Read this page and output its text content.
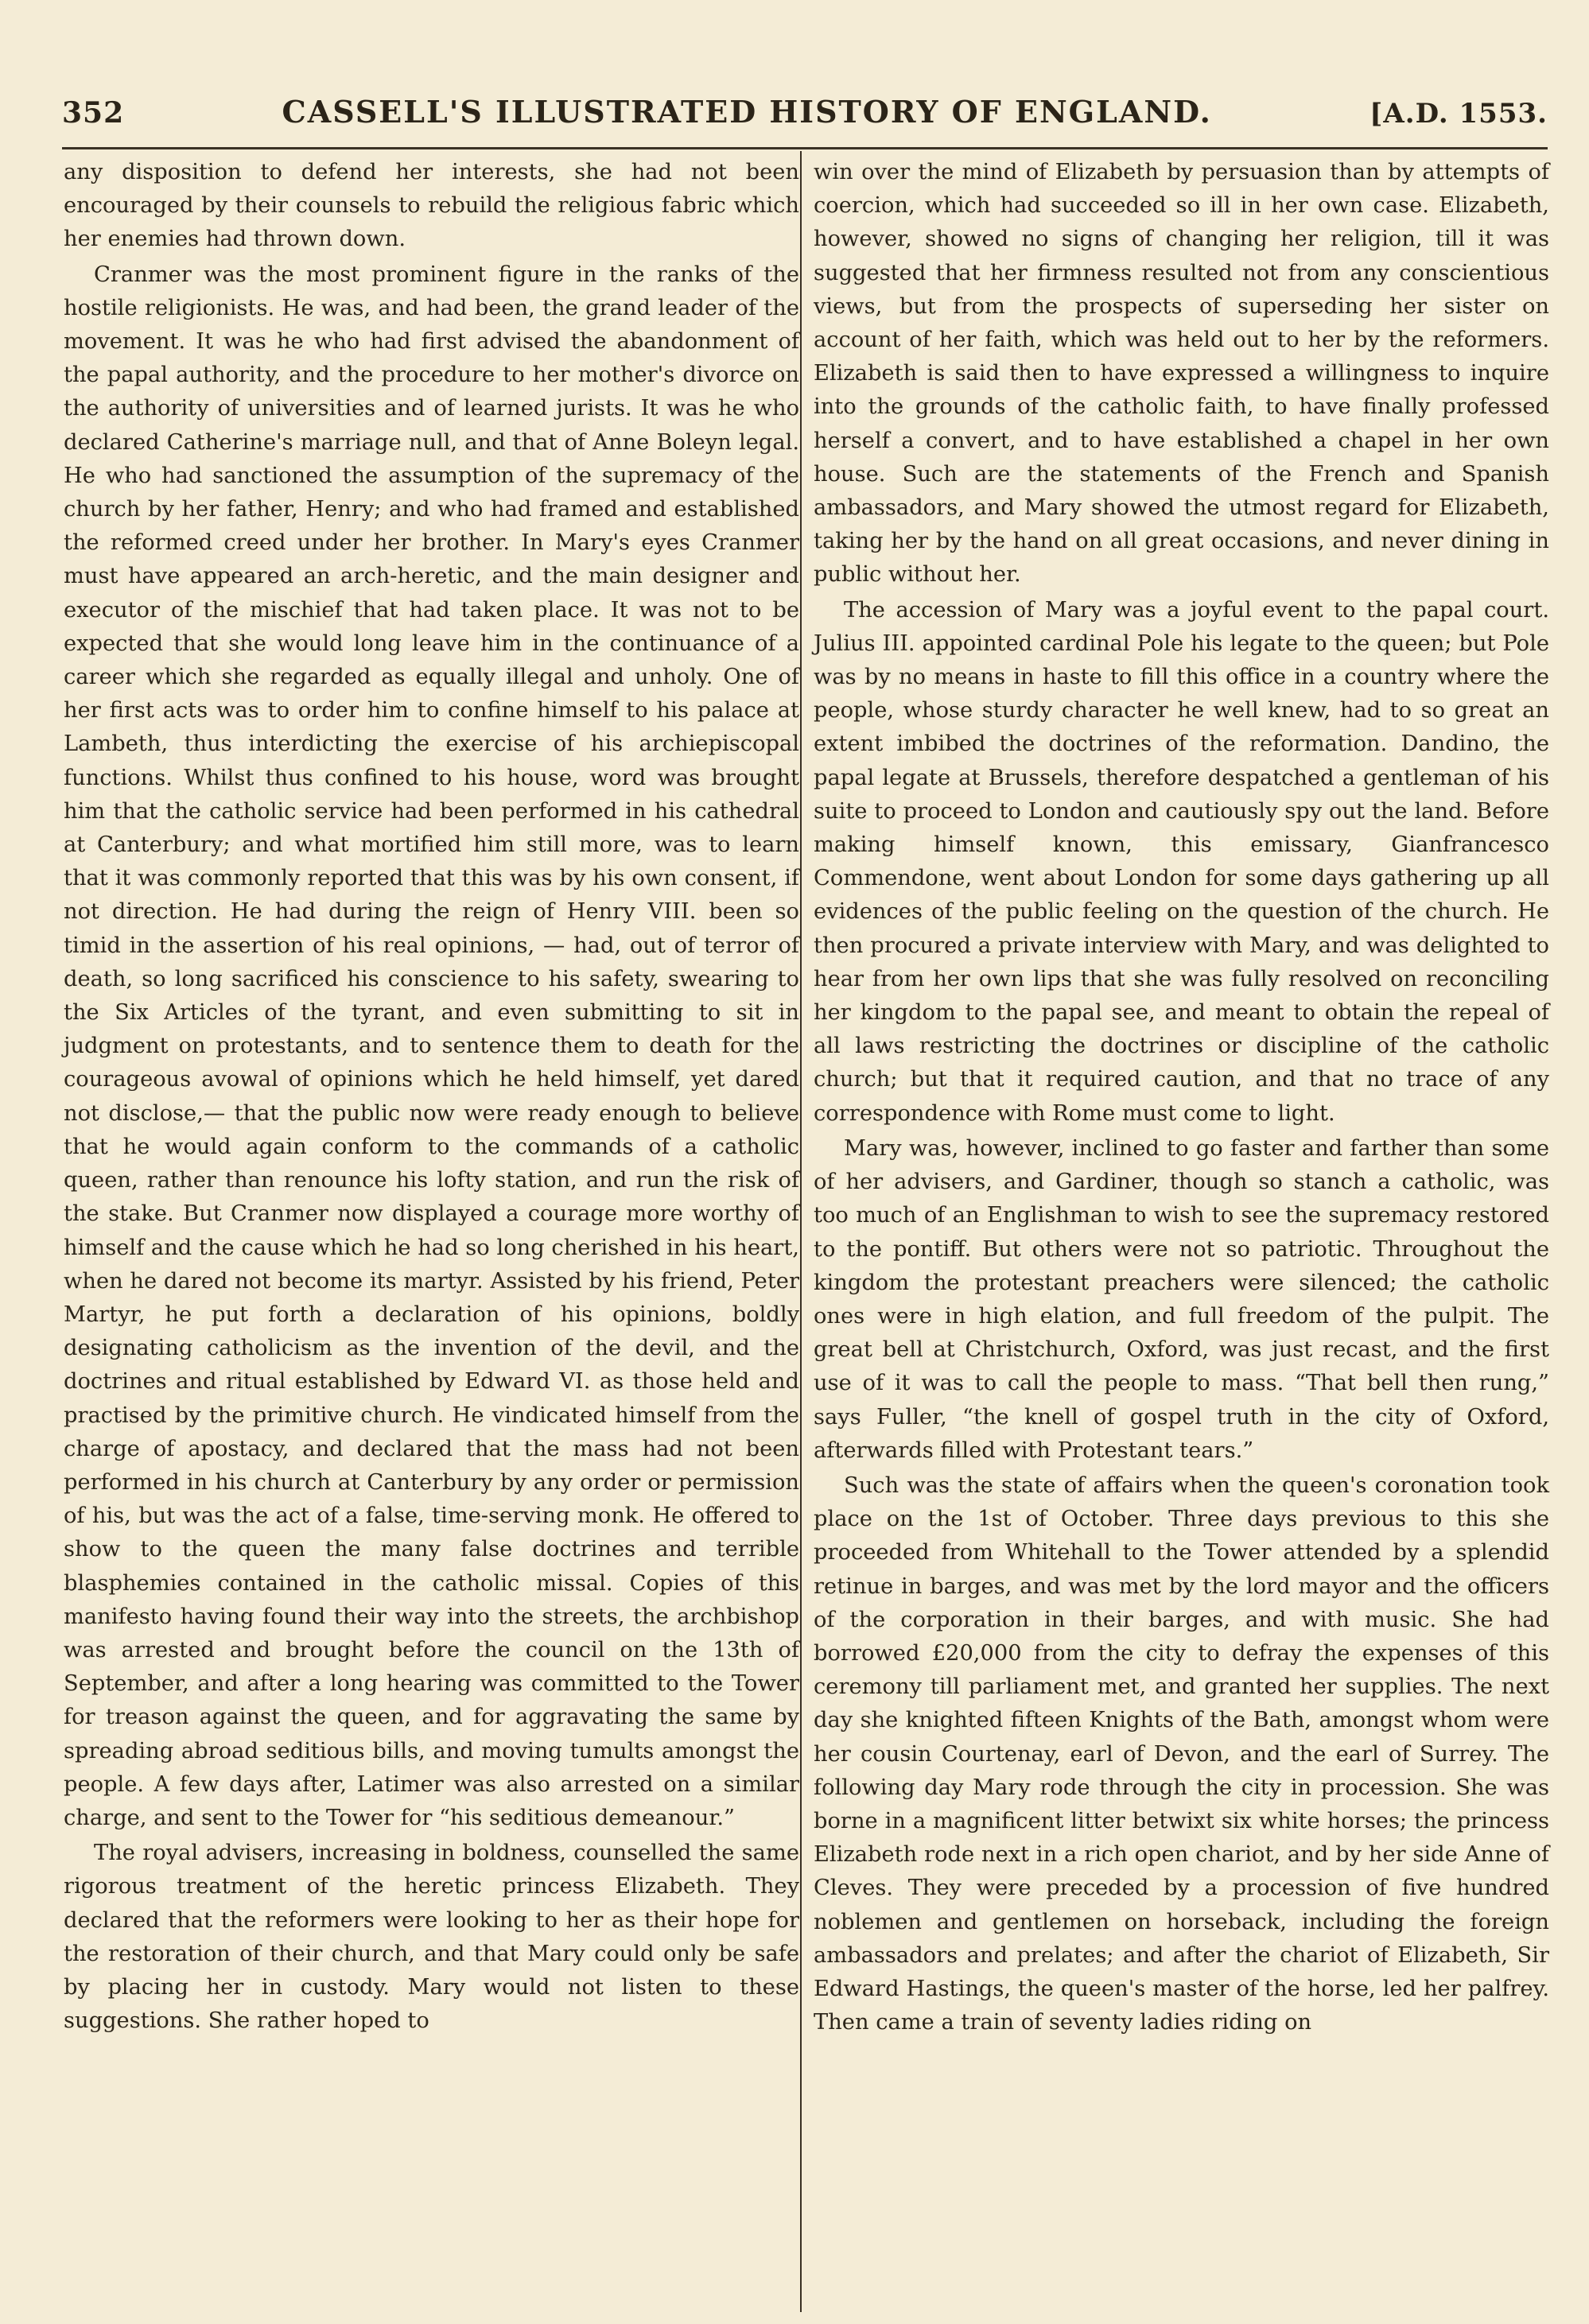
352	CASSELL'S ILLUSTRATED HISTORY OF ENGLAND.	[A.D. 1553.

any disposition to defend her interests, she had not been encouraged by their counsels to rebuild the religious fabric which her enemies had thrown down.

Cranmer was the most prominent figure in the ranks of the hostile religionists. He was, and had been, the grand leader of the movement. It was he who had first advised the abandonment of the papal authority, and the procedure to her mother's divorce on the authority of universities and of learned jurists. It was he who declared Catherine's marriage null, and that of Anne Boleyn legal. He who had sanctioned the assumption of the supremacy of the church by her father, Henry; and who had framed and established the reformed creed under her brother. In Mary's eyes Cranmer must have appeared an arch-heretic, and the main designer and executor of the mischief that had taken place. It was not to be expected that she would long leave him in the continuance of a career which she regarded as equally illegal and unholy. One of her first acts was to order him to confine himself to his palace at Lambeth, thus interdicting the exercise of his archiepiscopal functions. Whilst thus confined to his house, word was brought him that the catholic service had been performed in his cathedral at Canterbury; and what mortified him still more, was to learn that it was commonly reported that this was by his own consent, if not direction. He had during the reign of Henry VIII. been so timid in the assertion of his real opinions, — had, out of terror of death, so long sacrificed his conscience to his safety, swearing to the Six Articles of the tyrant, and even submitting to sit in judgment on protestants, and to sentence them to death for the courageous avowal of opinions which he held himself, yet dared not disclose,— that the public now were ready enough to believe that he would again conform to the commands of a catholic queen, rather than renounce his lofty station, and run the risk of the stake. But Cranmer now displayed a courage more worthy of himself and the cause which he had so long cherished in his heart, when he dared not become its martyr. Assisted by his friend, Peter Martyr, he put forth a declaration of his opinions, boldly designating catholicism as the invention of the devil, and the doctrines and ritual established by Edward VI. as those held and practised by the primitive church. He vindicated himself from the charge of apostacy, and declared that the mass had not been performed in his church at Canterbury by any order or permission of his, but was the act of a false, time-serving monk. He offered to show to the queen the many false doctrines and terrible blasphemies contained in the catholic missal. Copies of this manifesto having found their way into the streets, the archbishop was arrested and brought before the council on the 13th of September, and after a long hearing was committed to the Tower for treason against the queen, and for aggravating the same by spreading abroad seditious bills, and moving tumults amongst the people. A few days after, Latimer was also arrested on a similar charge, and sent to the Tower for “his seditious demeanour.”

The royal advisers, increasing in boldness, counselled the same rigorous treatment of the heretic princess Elizabeth. They declared that the reformers were looking to her as their hope for the restoration of their church, and that Mary could only be safe by placing her in custody. Mary would not listen to these suggestions. She rather hoped to

win over the mind of Elizabeth by persuasion than by attempts of coercion, which had succeeded so ill in her own case. Elizabeth, however, showed no signs of changing her religion, till it was suggested that her firmness resulted not from any conscientious views, but from the prospects of superseding her sister on account of her faith, which was held out to her by the reformers. Elizabeth is said then to have expressed a willingness to inquire into the grounds of the catholic faith, to have finally professed herself a convert, and to have established a chapel in her own house. Such are the statements of the French and Spanish ambassadors, and Mary showed the utmost regard for Elizabeth, taking her by the hand on all great occasions, and never dining in public without her.

The accession of Mary was a joyful event to the papal court. Julius III. appointed cardinal Pole his legate to the queen; but Pole was by no means in haste to fill this office in a country where the people, whose sturdy character he well knew, had to so great an extent imbibed the doctrines of the reformation. Dandino, the papal legate at Brussels, therefore despatched a gentleman of his suite to proceed to London and cautiously spy out the land. Before making himself known, this emissary, Gianfrancesco Commendone, went about London for some days gathering up all evidences of the public feeling on the question of the church. He then procured a private interview with Mary, and was delighted to hear from her own lips that she was fully resolved on reconciling her kingdom to the papal see, and meant to obtain the repeal of all laws restricting the doctrines or discipline of the catholic church; but that it required caution, and that no trace of any correspondence with Rome must come to light.

Mary was, however, inclined to go faster and farther than some of her advisers, and Gardiner, though so stanch a catholic, was too much of an Englishman to wish to see the supremacy restored to the pontiff. But others were not so patriotic. Throughout the kingdom the protestant preachers were silenced; the catholic ones were in high elation, and full freedom of the pulpit. The great bell at Christchurch, Oxford, was just recast, and the first use of it was to call the people to mass. “That bell then rung,” says Fuller, “the knell of gospel truth in the city of Oxford, afterwards filled with Protestant tears.”

Such was the state of affairs when the queen's coronation took place on the 1st of October. Three days previous to this she proceeded from Whitehall to the Tower attended by a splendid retinue in barges, and was met by the lord mayor and the officers of the corporation in their barges, and with music. She had borrowed £20,000 from the city to defray the expenses of this ceremony till parliament met, and granted her supplies. The next day she knighted fifteen Knights of the Bath, amongst whom were her cousin Courtenay, earl of Devon, and the earl of Surrey. The following day Mary rode through the city in procession. She was borne in a magnificent litter betwixt six white horses; the princess Elizabeth rode next in a rich open chariot, and by her side Anne of Cleves. They were preceded by a procession of five hundred noblemen and gentlemen on horseback, including the foreign ambassadors and prelates; and after the chariot of Elizabeth, Sir Edward Hastings, the queen's master of the horse, led her palfrey. Then came a train of seventy ladies riding on
